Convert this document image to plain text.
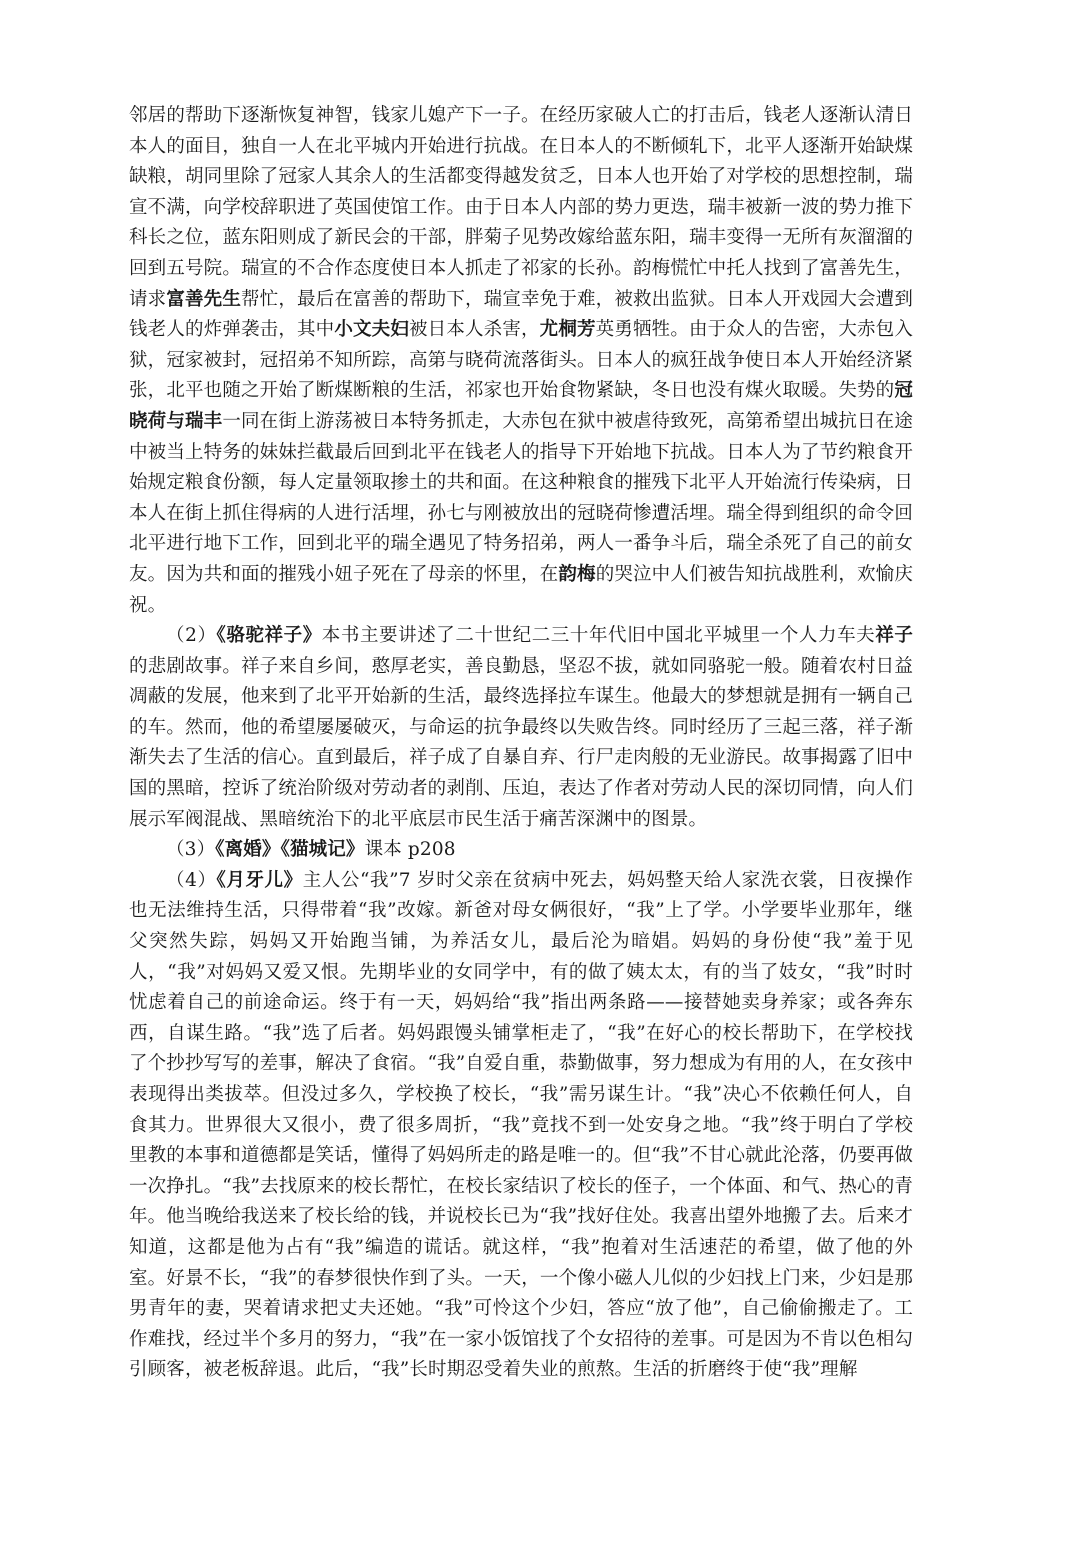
邻居的帮助下逐渐恢复神智，钱家儿媳产下一子。在经历家破人亡的打击后，钱老人逐渐认清日本人的面目，独自一人在北平城内开始进行抗战。在日本人的不断倾轧下，北平人逐渐开始缺煤缺粮，胡同里除了冠家人其余人的生活都变得越发贫乏，日本人也开始了对学校的思想控制，瑞宣不满，向学校辞职进了英国使馆工作。由于日本人内部的势力更迭，瑞丰被新一波的势力推下科长之位，蓝东阳则成了新民会的干部，胖菊子见势改嫁给蓝东阳，瑞丰变得一无所有灰溜溜的回到五号院。瑞宣的不合作态度使日本人抓走了祁家的长孙。韵梅慌忙中托人找到了富善先生，请求富善先生帮忙，最后在富善的帮助下，瑞宣幸免于难，被救出监狱。日本人开戏园大会遭到钱老人的炸弹袭击，其中小文夫妇被日本人杀害，尤桐芳英勇牺牲。由于众人的告密，大赤包入狱，冠家被封，冠招弟不知所踪，高第与晓荷流落街头。日本人的疯狂战争使日本人开始经济紧张，北平也随之开始了断煤断粮的生活，祁家也开始食物紧缺，冬日也没有煤火取暖。失势的冠晓荷与瑞丰一同在街上游荡被日本特务抓走，大赤包在狱中被虐待致死，高第希望出城抗日在途中被当上特务的妹妹拦截最后回到北平在钱老人的指导下开始地下抗战。日本人为了节约粮食开始规定粮食份额，每人定量领取掺土的共和面。在这种粮食的摧残下北平人开始流行传染病，日本人在街上抓住得病的人进行活埋，孙七与刚被放出的冠晓荷惨遭活埋。瑞全得到组织的命令回北平进行地下工作，回到北平的瑞全遇见了特务招弟，两人一番争斗后，瑞全杀死了自己的前女友。因为共和面的摧残小妞子死在了母亲的怀里，在韵梅的哭泣中人们被告知抗战胜利，欢愉庆祝。

（2）《骆驼祥子》本书主要讲述了二十世纪二三十年代旧中国北平城里一个人力车夫祥子的悲剧故事。祥子来自乡间，憨厚老实，善良勤恳，坚忍不拔，就如同骆驼一般。随着农村日益凋蔽的发展，他来到了北平开始新的生活，最终选择拉车谋生。他最大的梦想就是拥有一辆自己的车。然而，他的希望屡屡破灭，与命运的抗争最终以失败告终。同时经历了三起三落，祥子渐渐失去了生活的信心。直到最后，祥子成了自暴自弃、行尸走肉般的无业游民。故事揭露了旧中国的黑暗，控诉了统治阶级对劳动者的剥削、压迫，表达了作者对劳动人民的深切同情，向人们展示军阀混战、黑暗统治下的北平底层市民生活于痛苦深渊中的图景。

（3）《离婚》《猫城记》课本 p208

（4）《月牙儿》主人公“我”7 岁时父亲在贫病中死去，妈妈整天给人家洗衣裳，日夜操作也无法维持生活，只得带着“我”改嫁。新爸对母女俩很好，“我”上了学。小学要毕业那年，继父突然失踪，妈妈又开始跑当铺，为养活女儿，最后沦为暗娼。妈妈的身份使“我”羞于见人，“我”对妈妈又爱又恨。先期毕业的女同学中，有的做了姨太太，有的当了妓女，“我”时时忧虑着自己的前途命运。终于有一天，妈妈给“我”指出两条路——接替她卖身养家；或各奔东西，自谋生路。“我”选了后者。妈妈跟馒头铺掌柜走了，“我”在好心的校长帮助下，在学校找了个抄抄写写的差事，解决了食宿。“我”自爱自重，恭勤做事，努力想成为有用的人，在女孩中表现得出类拔萃。但没过多久，学校换了校长，“我”需另谋生计。“我”决心不依赖任何人，自食其力。世界很大又很小，费了很多周折，“我”竟找不到一处安身之地。“我”终于明白了学校里教的本事和道德都是笑话，懂得了妈妈所走的路是唯一的。但“我”不甘心就此沦落，仍要再做一次挣扎。“我”去找原来的校长帮忙，在校长家结识了校长的侄子，一个体面、和气、热心的青年。他当晚给我送来了校长给的钱，并说校长已为“我”找好住处。我喜出望外地搬了去。后来才知道，这都是他为占有“我”编造的谎话。就这样，“我”抱着对生活速茫的希望，做了他的外室。好景不长，“我”的春梦很快作到了头。一天，一个像小磁人儿似的少妇找上门来，少妇是那男青年的妻，哭着请求把丈夫还她。“我”可怜这个少妇，答应“放了他”，自己偷偷搬走了。工作难找，经过半个多月的努力，“我”在一家小饭馆找了个女招待的差事。可是因为不肯以色相勾引顾客，被老板辞退。此后，“我”长时期忍受着失业的煎熬。生活的折磨终于使“我”理解
